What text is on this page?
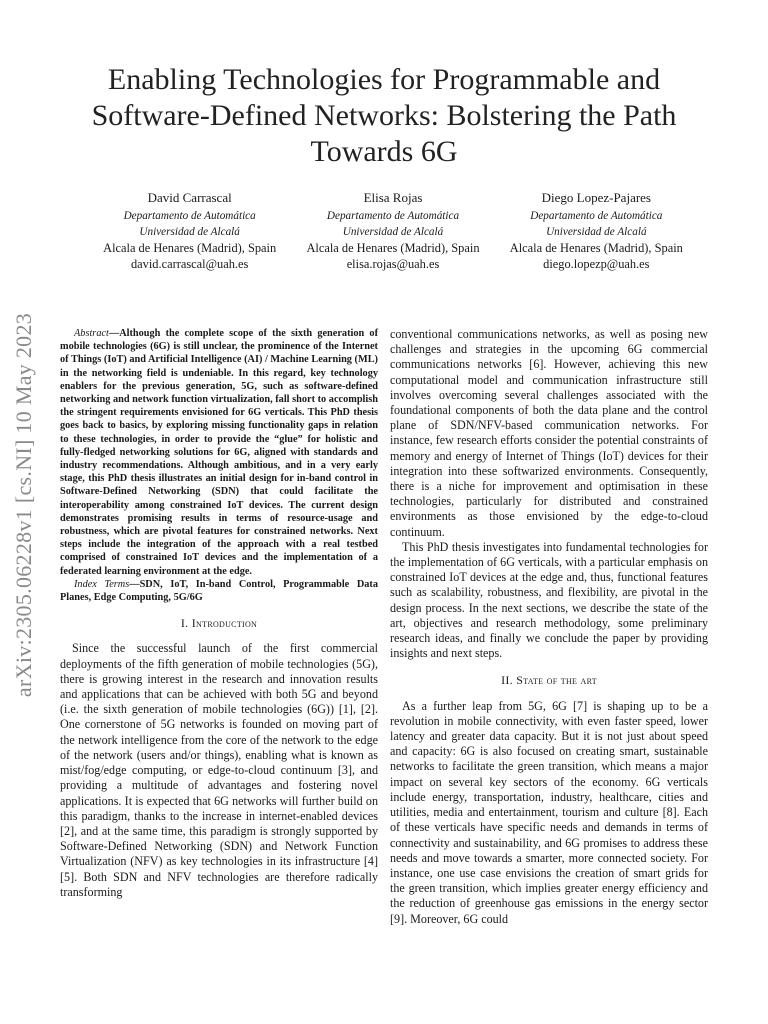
arXiv:2305.06228v1 [cs.NI] 10 May 2023
Enabling Technologies for Programmable and Software-Defined Networks: Bolstering the Path Towards 6G
David Carrascal
Departamento de Automática
Universidad de Alcalá
Alcala de Henares (Madrid), Spain
david.carrascal@uah.es
Elisa Rojas
Departamento de Automática
Universidad de Alcalá
Alcala de Henares (Madrid), Spain
elisa.rojas@uah.es
Diego Lopez-Pajares
Departamento de Automática
Universidad de Alcalá
Alcala de Henares (Madrid), Spain
diego.lopezp@uah.es

Abstract—Although the complete scope of the sixth generation of mobile technologies (6G) is still unclear, the prominence of the Internet of Things (IoT) and Artificial Intelligence (AI) / Machine Learning (ML) in the networking field is undeniable. In this regard, key technology enablers for the previous generation, 5G, such as software-defined networking and network function virtualization, fall short to accomplish the stringent requirements envisioned for 6G verticals. This PhD thesis goes back to basics, by exploring missing functionality gaps in relation to these technologies, in order to provide the “glue” for holistic and fully-fledged networking solutions for 6G, aligned with standards and industry recommendations. Although ambitious, and in a very early stage, this PhD thesis illustrates an initial design for in-band control in Software-Defined Networking (SDN) that could facilitate the interoperability among constrained IoT devices. The current design demonstrates promising results in terms of resource-usage and robustness, which are pivotal features for constrained networks. Next steps include the integration of the approach with a real testbed comprised of constrained IoT devices and the implementation of a federated learning environment at the edge.

Index Terms—SDN, IoT, In-band Control, Programmable Data Planes, Edge Computing, 5G/6G

I. Introduction

Since the successful launch of the first commercial deployments of the fifth generation of mobile technologies (5G), there is growing interest in the research and innovation results and applications that can be achieved with both 5G and beyond (i.e. the sixth generation of mobile technologies (6G)) [1], [2]. One cornerstone of 5G networks is founded on moving part of the network intelligence from the core of the network to the edge of the network (users and/or things), enabling what is known as mist/fog/edge computing, or edge-to-cloud continuum [3], and providing a multitude of advantages and fostering novel applications. It is expected that 6G networks will further build on this paradigm, thanks to the increase in internet-enabled devices [2], and at the same time, this paradigm is strongly supported by Software-Defined Networking (SDN) and Network Function Virtualization (NFV) as key technologies in its infrastructure [4] [5]. Both SDN and NFV technologies are therefore radically transforming

conventional communications networks, as well as posing new challenges and strategies in the upcoming 6G commercial communications networks [6]. However, achieving this new computational model and communication infrastructure still involves overcoming several challenges associated with the foundational components of both the data plane and the control plane of SDN/NFV-based communication networks. For instance, few research efforts consider the potential constraints of memory and energy of Internet of Things (IoT) devices for their integration into these softwarized environments. Consequently, there is a niche for improvement and optimisation in these technologies, particularly for distributed and constrained environments as those envisioned by the edge-to-cloud continuum.

This PhD thesis investigates into fundamental technologies for the implementation of 6G verticals, with a particular emphasis on constrained IoT devices at the edge and, thus, functional features such as scalability, robustness, and flexibility, are pivotal in the design process. In the next sections, we describe the state of the art, objectives and research methodology, some preliminary research ideas, and finally we conclude the paper by providing insights and next steps.

II. State of the art

As a further leap from 5G, 6G [7] is shaping up to be a revolution in mobile connectivity, with even faster speed, lower latency and greater data capacity. But it is not just about speed and capacity: 6G is also focused on creating smart, sustainable networks to facilitate the green transition, which means a major impact on several key sectors of the economy. 6G verticals include energy, transportation, industry, healthcare, cities and utilities, media and entertainment, tourism and culture [8]. Each of these verticals have specific needs and demands in terms of connectivity and sustainability, and 6G promises to address these needs and move towards a smarter, more connected society. For instance, one use case envisions the creation of smart grids for the green transition, which implies greater energy efficiency and the reduction of greenhouse gas emissions in the energy sector [9]. Moreover, 6G could
